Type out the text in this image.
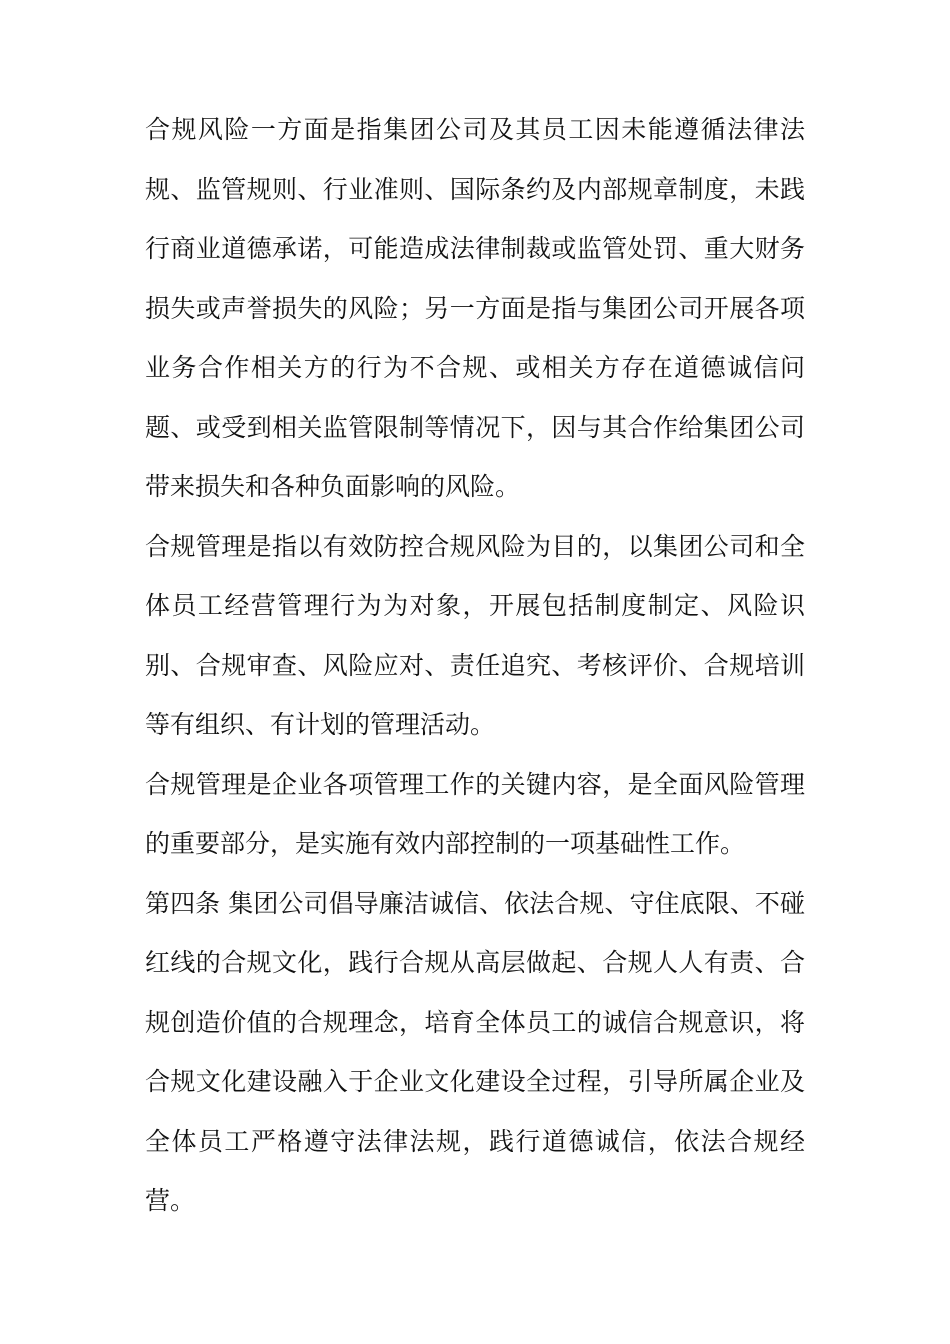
合规风险一方面是指集团公司及其员工因未能遵循法律法规、监管规则、行业准则、国际条约及内部规章制度，未践行商业道德承诺，可能造成法律制裁或监管处罚、重大财务损失或声誉损失的风险；另一方面是指与集团公司开展各项业务合作相关方的行为不合规、或相关方存在道德诚信问题、或受到相关监管限制等情况下，因与其合作给集团公司带来损失和各种负面影响的风险。

合规管理是指以有效防控合规风险为目的，以集团公司和全体员工经营管理行为为对象，开展包括制度制定、风险识别、合规审查、风险应对、责任追究、考核评价、合规培训等有组织、有计划的管理活动。

合规管理是企业各项管理工作的关键内容，是全面风险管理的重要部分，是实施有效内部控制的一项基础性工作。

第四条 集团公司倡导廉洁诚信、依法合规、守住底限、不碰红线的合规文化，践行合规从高层做起、合规人人有责、合规创造价值的合规理念，培育全体员工的诚信合规意识，将合规文化建设融入于企业文化建设全过程，引导所属企业及全体员工严格遵守法律法规，践行道德诚信，依法合规经营。
